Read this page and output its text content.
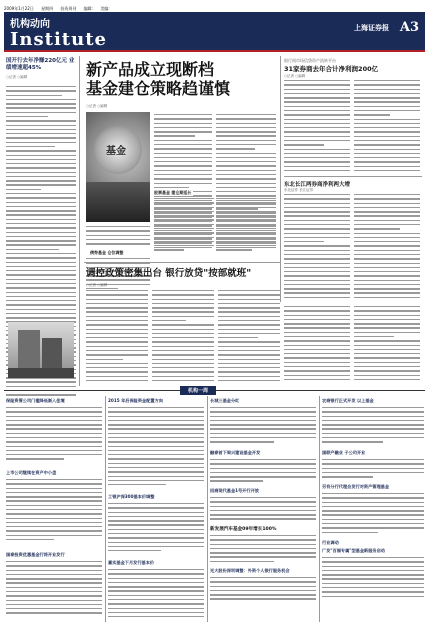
2009年1月22日 星期四 投资周刊 编辑: 美编:
机构动向
Institute
上海证券报 A3
国开行去年净赚220亿元 业绩增速超45%
○记者 ○编辑	新产品成立现断档
基金建仓策略趋谨慎
○记者 ○编辑
基金
股票基金 建仓期延长
债券基金 仓位调整
银行间市场信贷资产流转平台
31家券商去年合计净利润200亿
○记者 ○编辑
东北长江两券商净利两大增
东北证券 长江证券
调控政策密集出台 银行放贷"按部就班"
○记者 ○编辑
机构一周
保险资管公司门槛降低渐入佳境
上市公司继续在资产中小盘
国泰投资优惠基金行将开业发行
2015 年后保险资金配置方向
工银沪深300基本价调整
嘉实基金下月发行基本价
长城三基金分红
融泰首下周兴建设基金开发
招商现代基金1号开行开放
新发展汽车基金09年增长100%
光大股份深圳调整：外资个人银行服务机会
农商银行正式开发 以上基金
国联产融业 子公司开业
另有分行代理会发行对资产管理基金
行业调动
广发"百福专属"型基金新服务启动
